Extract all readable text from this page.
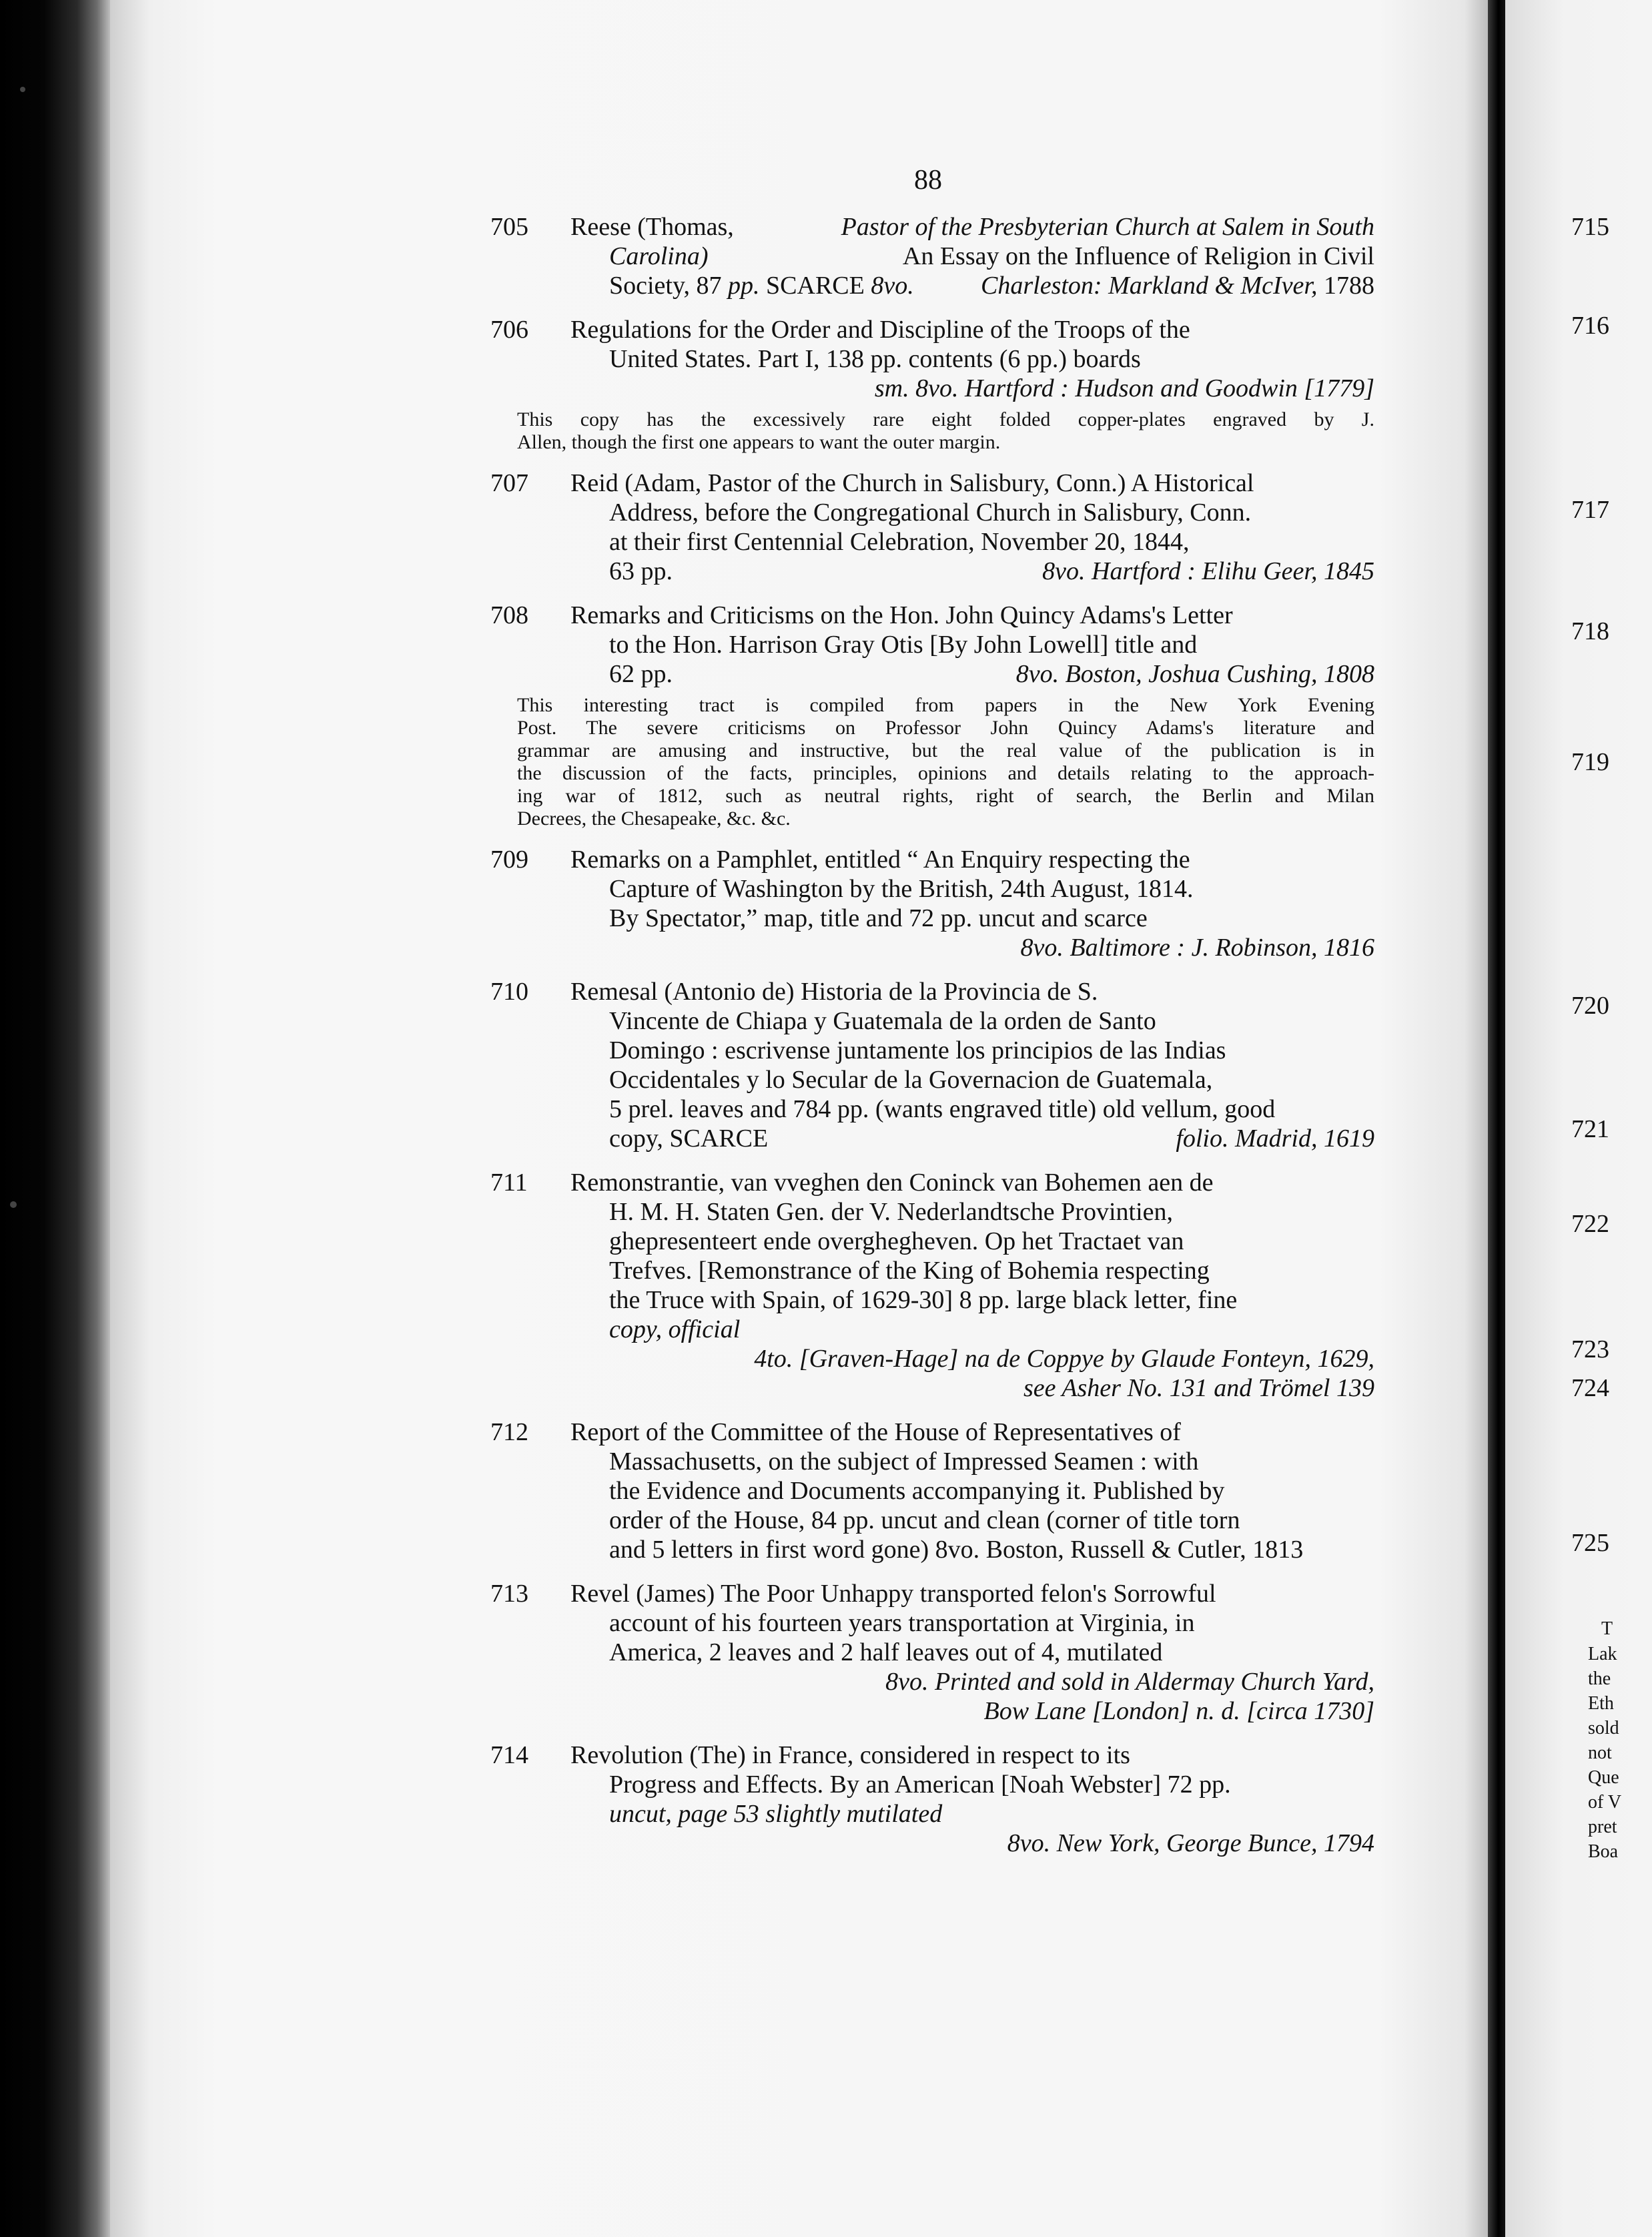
88
705 Reese (Thomas,	Pastor of the Presbyterian Church at Salem in South
Carolina)	An Essay on the Influence of Religion in Civil
Society, 87 pp. SCARCE 8vo. Charleston: Markland & McIver, 1788
706 Regulations for the Order and Discipline of the Troops of the
United States. Part I, 138 pp. contents (6 pp.) boards
sm. 8vo. Hartford : Hudson and Goodwin [1779]
This copy has the excessively rare eight folded copper-plates engraved by J.
Allen, though the first one appears to want the outer margin.
707 Reid (Adam, Pastor of the Church in Salisbury, Conn.) A Historical
Address, before the Congregational Church in Salisbury, Conn.
at their first Centennial Celebration, November 20, 1844,
63 pp.	8vo. Hartford : Elihu Geer, 1845
708 Remarks and Criticisms on the Hon. John Quincy Adams's Letter
to the Hon. Harrison Gray Otis [By John Lowell] title and
62 pp.	8vo. Boston, Joshua Cushing, 1808
This interesting tract is compiled from papers in the New York Evening
Post. The severe criticisms on Professor John Quincy Adams's literature and
grammar are amusing and instructive, but the real value of the publication is in
the discussion of the facts, principles, opinions and details relating to the approach-
ing war of 1812, such as neutral rights, right of search, the Berlin and Milan
Decrees, the Chesapeake, &c. &c.
709 Remarks on a Pamphlet, entitled “ An Enquiry respecting the
Capture of Washington by the British, 24th August, 1814.
By Spectator,” map, title and 72 pp. uncut and scarce
8vo. Baltimore : J. Robinson, 1816
710 Remesal (Antonio de) Historia de la Provincia de S.
Vincente de Chiapa y Guatemala de la orden de Santo
Domingo : escrivense juntamente los principios de las Indias
Occidentales y lo Secular de la Governacion de Guatemala,
5 prel. leaves and 784 pp. (wants engraved title) old vellum, good
copy, SCARCE	folio. Madrid, 1619
711 Remonstrantie, van vveghen den Coninck van Bohemen aen de
H. M. H. Staten Gen. der V. Nederlandtsche Provintien,
ghepresenteert ende overghegheven. Op het Tractaet van
Trefves. [Remonstrance of the King of Bohemia respecting
the Truce with Spain, of 1629-30] 8 pp. large black letter, fine
copy, official
4to. [Graven-Hage] na de Coppye by Glaude Fonteyn, 1629,
see Asher No. 131 and Trömel 139
712 Report of the Committee of the House of Representatives of
Massachusetts, on the subject of Impressed Seamen : with
the Evidence and Documents accompanying it. Published by
order of the House, 84 pp. uncut and clean (corner of title torn
and 5 letters in first word gone) 8vo. Boston, Russell & Cutler, 1813
713 Revel (James) The Poor Unhappy transported felon's Sorrowful
account of his fourteen years transportation at Virginia, in
America, 2 leaves and 2 half leaves out of 4, mutilated
8vo. Printed and sold in Aldermay Church Yard,
Bow Lane [London] n. d. [circa 1730]
714 Revolution (The) in France, considered in respect to its
Progress and Effects. By an American [Noah Webster] 72 pp.
uncut, page 53 slightly mutilated
8vo. New York, George Bunce, 1794
715
716
717
718
719
720
721
722
723
724
725
T
Lak
the
Eth
sold
not
Que
of V
pret
Boa
